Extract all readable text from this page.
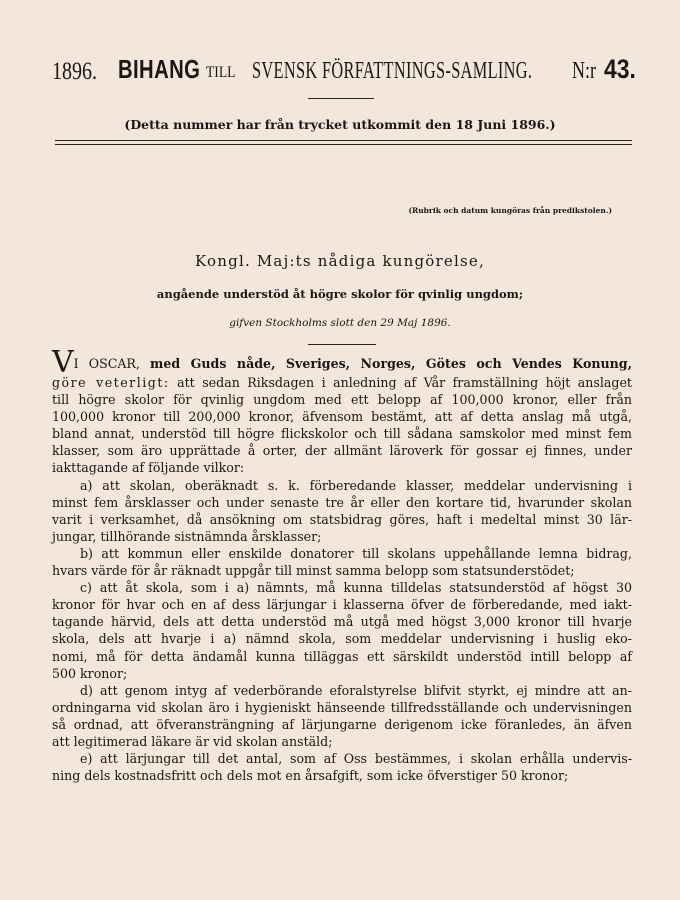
1896. BIHANG TILL SVENSK FÖRFATTNINGS-SAMLING. N:r 43.
(Detta nummer har från trycket utkommit den 18 Juni 1896.)
(Rubrik och datum kungöras från predikstolen.)
Kongl. Maj:ts nådiga kungörelse,
angående understöd åt högre skolor för qvinlig ungdom;
gifven Stockholms slott den 29 Maj 1896.
VI OSCAR, med Guds nåde, Sveriges, Norges, Götes och Vendes Konung,
göre veterligt: att sedan Riksdagen i anledning af Vår framställning höjt anslaget
till högre skolor för qvinlig ungdom med ett belopp af 100,000 kronor, eller från
100,000 kronor till 200,000 kronor, äfvensom bestämt, att af detta anslag må utgå,
bland annat, understöd till högre flickskolor och till sådana samskolor med minst fem
klasser, som äro upprättade å orter, der allmänt läroverk för gossar ej finnes, under
iakttagande af följande vilkor:
a) att skolan, oberäknadt s. k. förberedande klasser, meddelar undervisning i
minst fem årsklasser och under senaste tre år eller den kortare tid, hvarunder skolan
varit i verksamhet, då ansökning om statsbidrag göres, haft i medeltal minst 30 lär-
jungar, tillhörande sistnämnda årsklasser;
b) att kommun eller enskilde donatorer till skolans uppehållande lemna bidrag,
hvars värde för år räknadt uppgår till minst samma belopp som statsunderstödet;
c) att åt skola, som i a) nämnts, må kunna tilldelas statsunderstöd af högst 30
kronor för hvar och en af dess lärjungar i klasserna öfver de förberedande, med iakt-
tagande härvid, dels att detta understöd må utgå med högst 3,000 kronor till hvarje
skola, dels att hvarje i a) nämnd skola, som meddelar undervisning i huslig eko-
nomi, må för detta ändamål kunna tilläggas ett särskildt understöd intill belopp af
500 kronor;
d) att genom intyg af vederbörande eforalstyrelse blifvit styrkt, ej mindre att an-
ordningarna vid skolan äro i hygieniskt hänseende tillfredsställande och undervisningen
så ordnad, att öfveransträngning af lärjungarne derigenom icke föranledes, än äfven
att legitimerad läkare är vid skolan anstäld;
e) att lärjungar till det antal, som af Oss bestämmes, i skolan erhålla undervis-
ning dels kostnadsfritt och dels mot en årsafgift, som icke öfverstiger 50 kronor;
